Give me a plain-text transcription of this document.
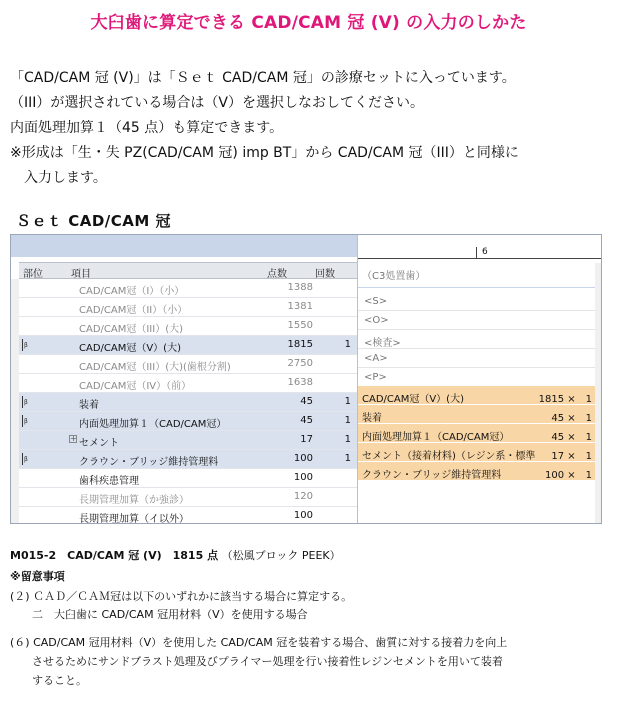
大臼歯に算定できる CAD/CAM 冠 (V) の入力のしかた
「CAD/CAM 冠 (V)」は「Ｓｅｔ CAD/CAM 冠」の診療セットに入っています。
（III）が選択されている場合は（V）を選択しなおしてください。
内面処理加算１（45 点）も算定できます。
※形成は「生・失 PZ(CAD/CAM 冠) imp BT」から CAD/CAM 冠（III）と同様に
　入力します。
Ｓｅｔ CAD/CAM 冠
部位	項目	点数	回数
CAD/CAM冠（I）（小）	1388
CAD/CAM冠（II）（小）	1381
CAD/CAM冠（III）(大)	1550
β
CAD/CAM冠（V）(大)	1815	1
CAD/CAM冠（III）(大)(歯根分割)	2750
CAD/CAM冠（IV）（前）	1638
β
装着	45	1
β
内面処理加算１（CAD/CAM冠）	45	1
+ セメント	17	1
β
クラウン・ブリッジ維持管理料	100	1
歯科疾患管理	100
長期管理加算（か強診）	120
長期管理加算（イ以外）	100
6
（C3処置歯）
<S>
<O>
<検査>
<A>
<P>
CAD/CAM冠（V）(大)	1815 ×　1
装着	45 ×　1
内面処理加算１（CAD/CAM冠）	45 ×　1
セメント（接着材料)（レジン系・標準	17 ×　1
クラウン・ブリッジ維持管理料	100 ×　1
M015-2　CAD/CAM 冠 (V)　1815 点 （松風ブロック PEEK）
※留意事項
(２) ＣＡＤ／ＣＡＭ冠は以下のいずれかに該当する場合に算定する。
　　二　大臼歯に CAD/CAM 冠用材料（V）を使用する場合
(６) CAD/CAM 冠用材料（V）を使用した CAD/CAM 冠を装着する場合、歯質に対する接着力を向上
　　させるためにサンドブラスト処理及びプライマー処理を行い接着性レジンセメントを用いて装着
　　すること。
